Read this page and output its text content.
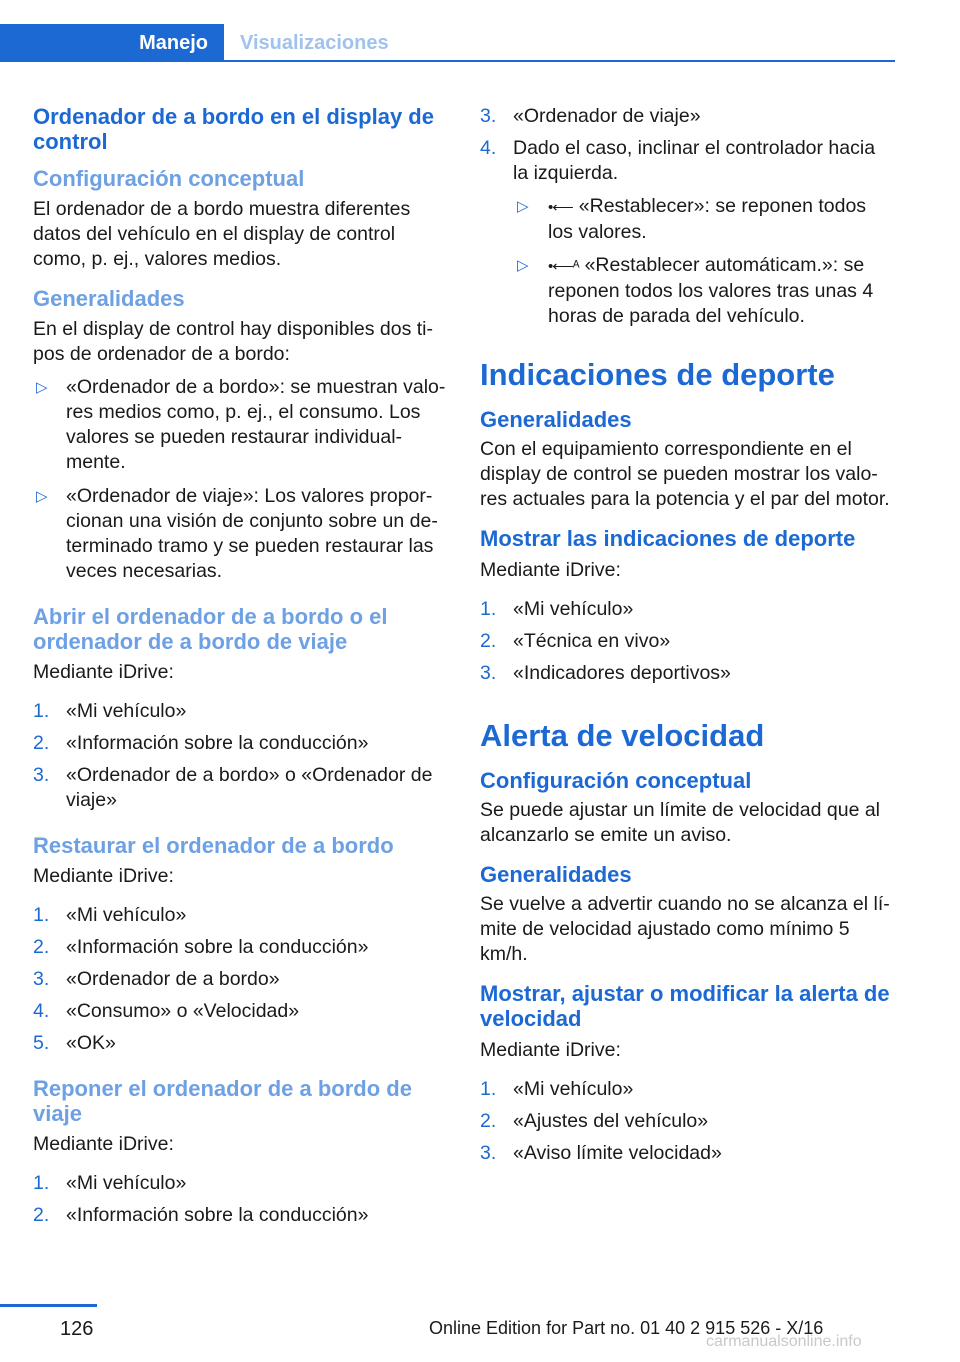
Manejo	Visualizaciones
Ordenador de a bordo en el display de control
Configuración conceptual
El ordenador de a bordo muestra diferentes datos del vehículo en el display de control como, p. ej., valores medios.
Generalidades
En el display de control hay disponibles dos ti‐pos de ordenador de a bordo:
▷ «Ordenador de a bordo»: se muestran valo‐res medios como, p. ej., el consumo. Los valores se pueden restaurar individual‐mente.
▷ «Ordenador de viaje»: Los valores propor‐cionan una visión de conjunto sobre un de‐terminado tramo y se pueden restaurar las veces necesarias.
Abrir el ordenador de a bordo o el ordenador de a bordo de viaje
Mediante iDrive:
1. «Mi vehículo»
2. «Información sobre la conducción»
3. «Ordenador de a bordo» o «Ordenador de viaje»
Restaurar el ordenador de a bordo
Mediante iDrive:
1. «Mi vehículo»
2. «Información sobre la conducción»
3. «Ordenador de a bordo»
4. «Consumo» o «Velocidad»
5. «OK»
Reponer el ordenador de a bordo de viaje
Mediante iDrive:
1. «Mi vehículo»
2. «Información sobre la conducción»
3. «Ordenador de viaje»
4. Dado el caso, inclinar el controlador hacia la izquierda.
▷ •⟵ «Restablecer»: se reponen todos los valores.
▷ •⟵ᴬ «Restablecer automáticam.»: se reponen todos los valores tras unas 4 horas de parada del vehículo.
Indicaciones de deporte
Generalidades
Con el equipamiento correspondiente en el display de control se pueden mostrar los valo‐res actuales para la potencia y el par del motor.
Mostrar las indicaciones de deporte
Mediante iDrive:
1. «Mi vehículo»
2. «Técnica en vivo»
3. «Indicadores deportivos»
Alerta de velocidad
Configuración conceptual
Se puede ajustar un límite de velocidad que al alcanzarlo se emite un aviso.
Generalidades
Se vuelve a advertir cuando no se alcanza el lí‐mite de velocidad ajustado como mínimo 5 km/h.
Mostrar, ajustar o modificar la alerta de velocidad
Mediante iDrive:
1. «Mi vehículo»
2. «Ajustes del vehículo»
3. «Aviso límite velocidad»
126	Online Edition for Part no. 01 40 2 915 526 - X/16
carmanualsonline.info
